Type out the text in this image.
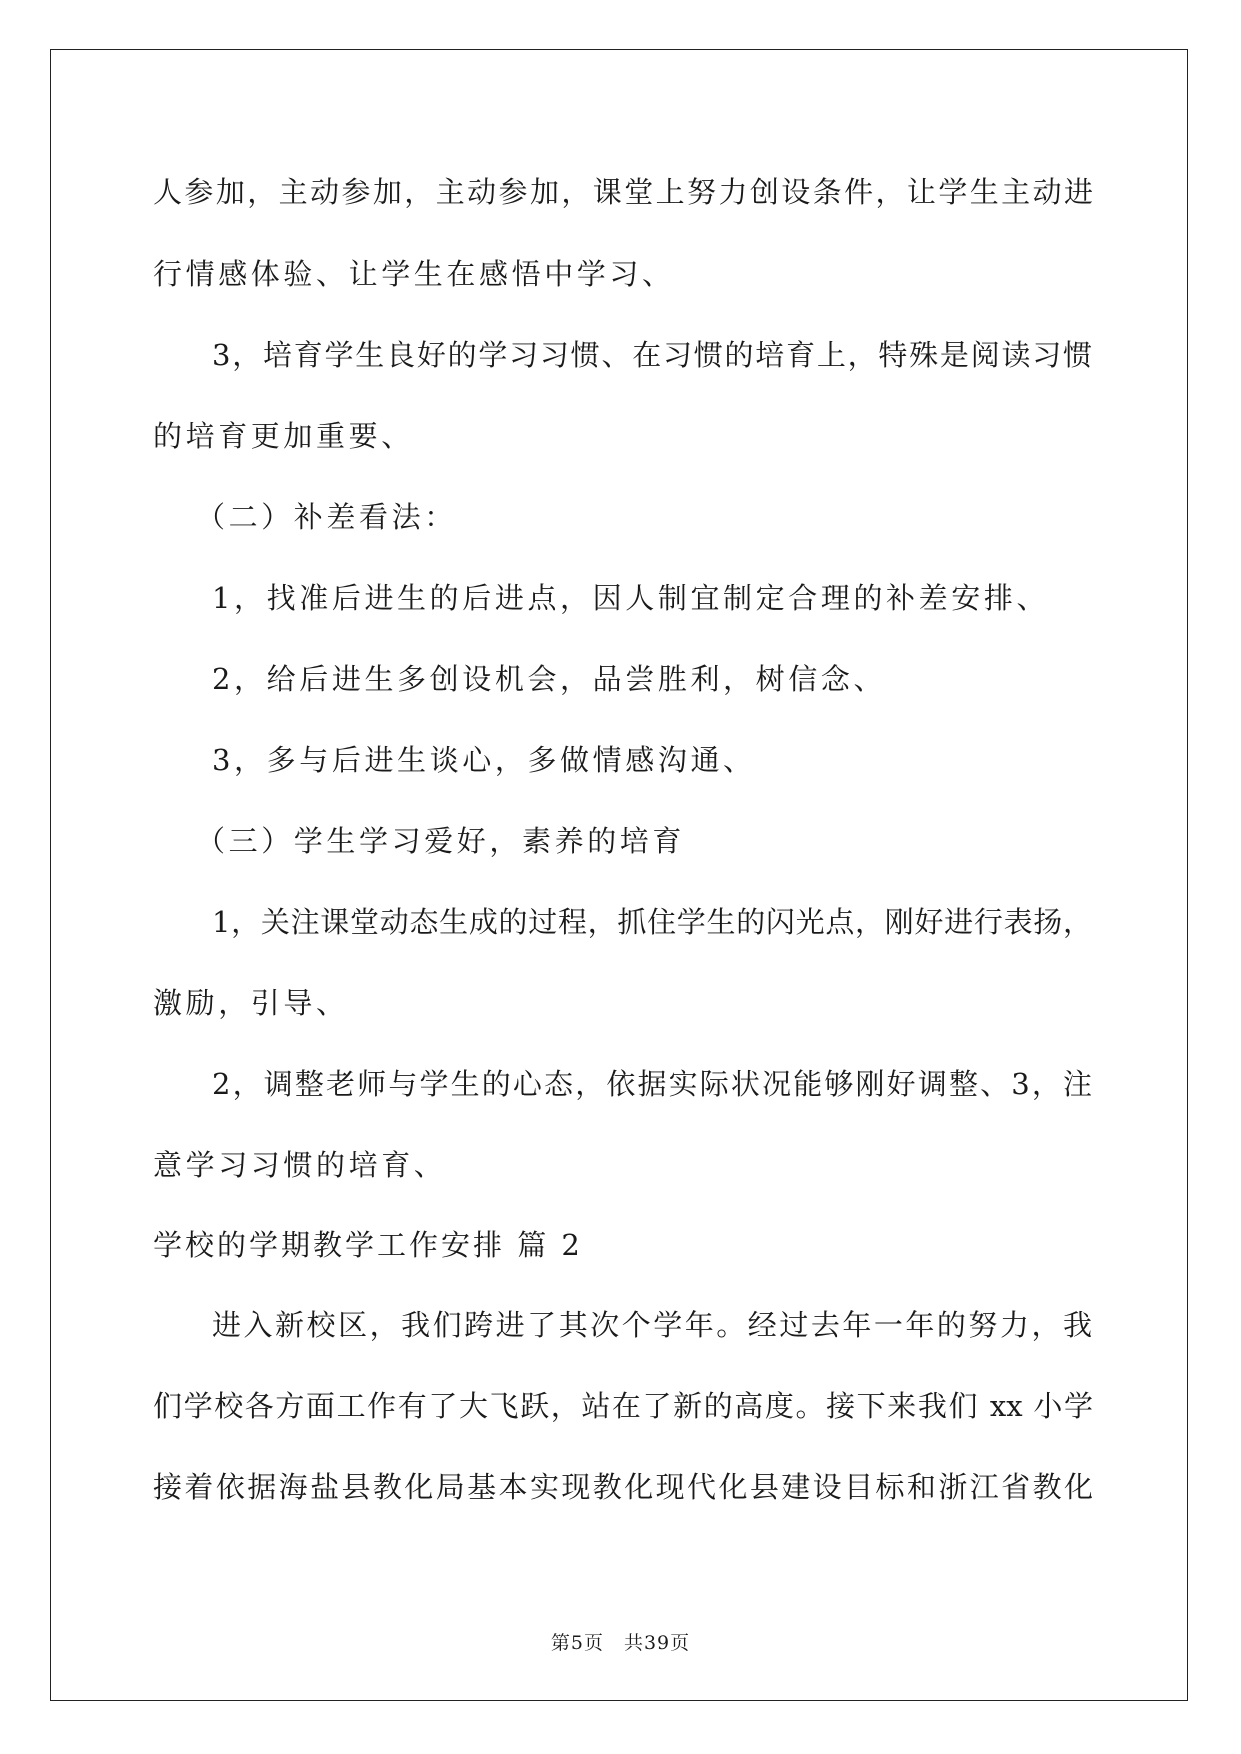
人参加，主动参加，主动参加，课堂上努力创设条件，让学生主动进
行情感体验、让学生在感悟中学习、
3，培育学生良好的学习习惯、在习惯的培育上，特殊是阅读习惯
的培育更加重要、
（二）补差看法：
1，找准后进生的后进点，因人制宜制定合理的补差安排、
2，给后进生多创设机会，品尝胜利，树信念、
3，多与后进生谈心，多做情感沟通、
（三）学生学习爱好，素养的培育
1，关注课堂动态生成的过程，抓住学生的闪光点，刚好进行表扬，
激励，引导、
2，调整老师与学生的心态，依据实际状况能够刚好调整、3，注
意学习习惯的培育、
学校的学期教学工作安排 篇 2
进入新校区，我们跨进了其次个学年。经过去年一年的努力，我
们学校各方面工作有了大飞跃，站在了新的高度。接下来我们 xx 小学
接着依据海盐县教化局基本实现教化现代化县建设目标和浙江省教化
第5页　共39页
